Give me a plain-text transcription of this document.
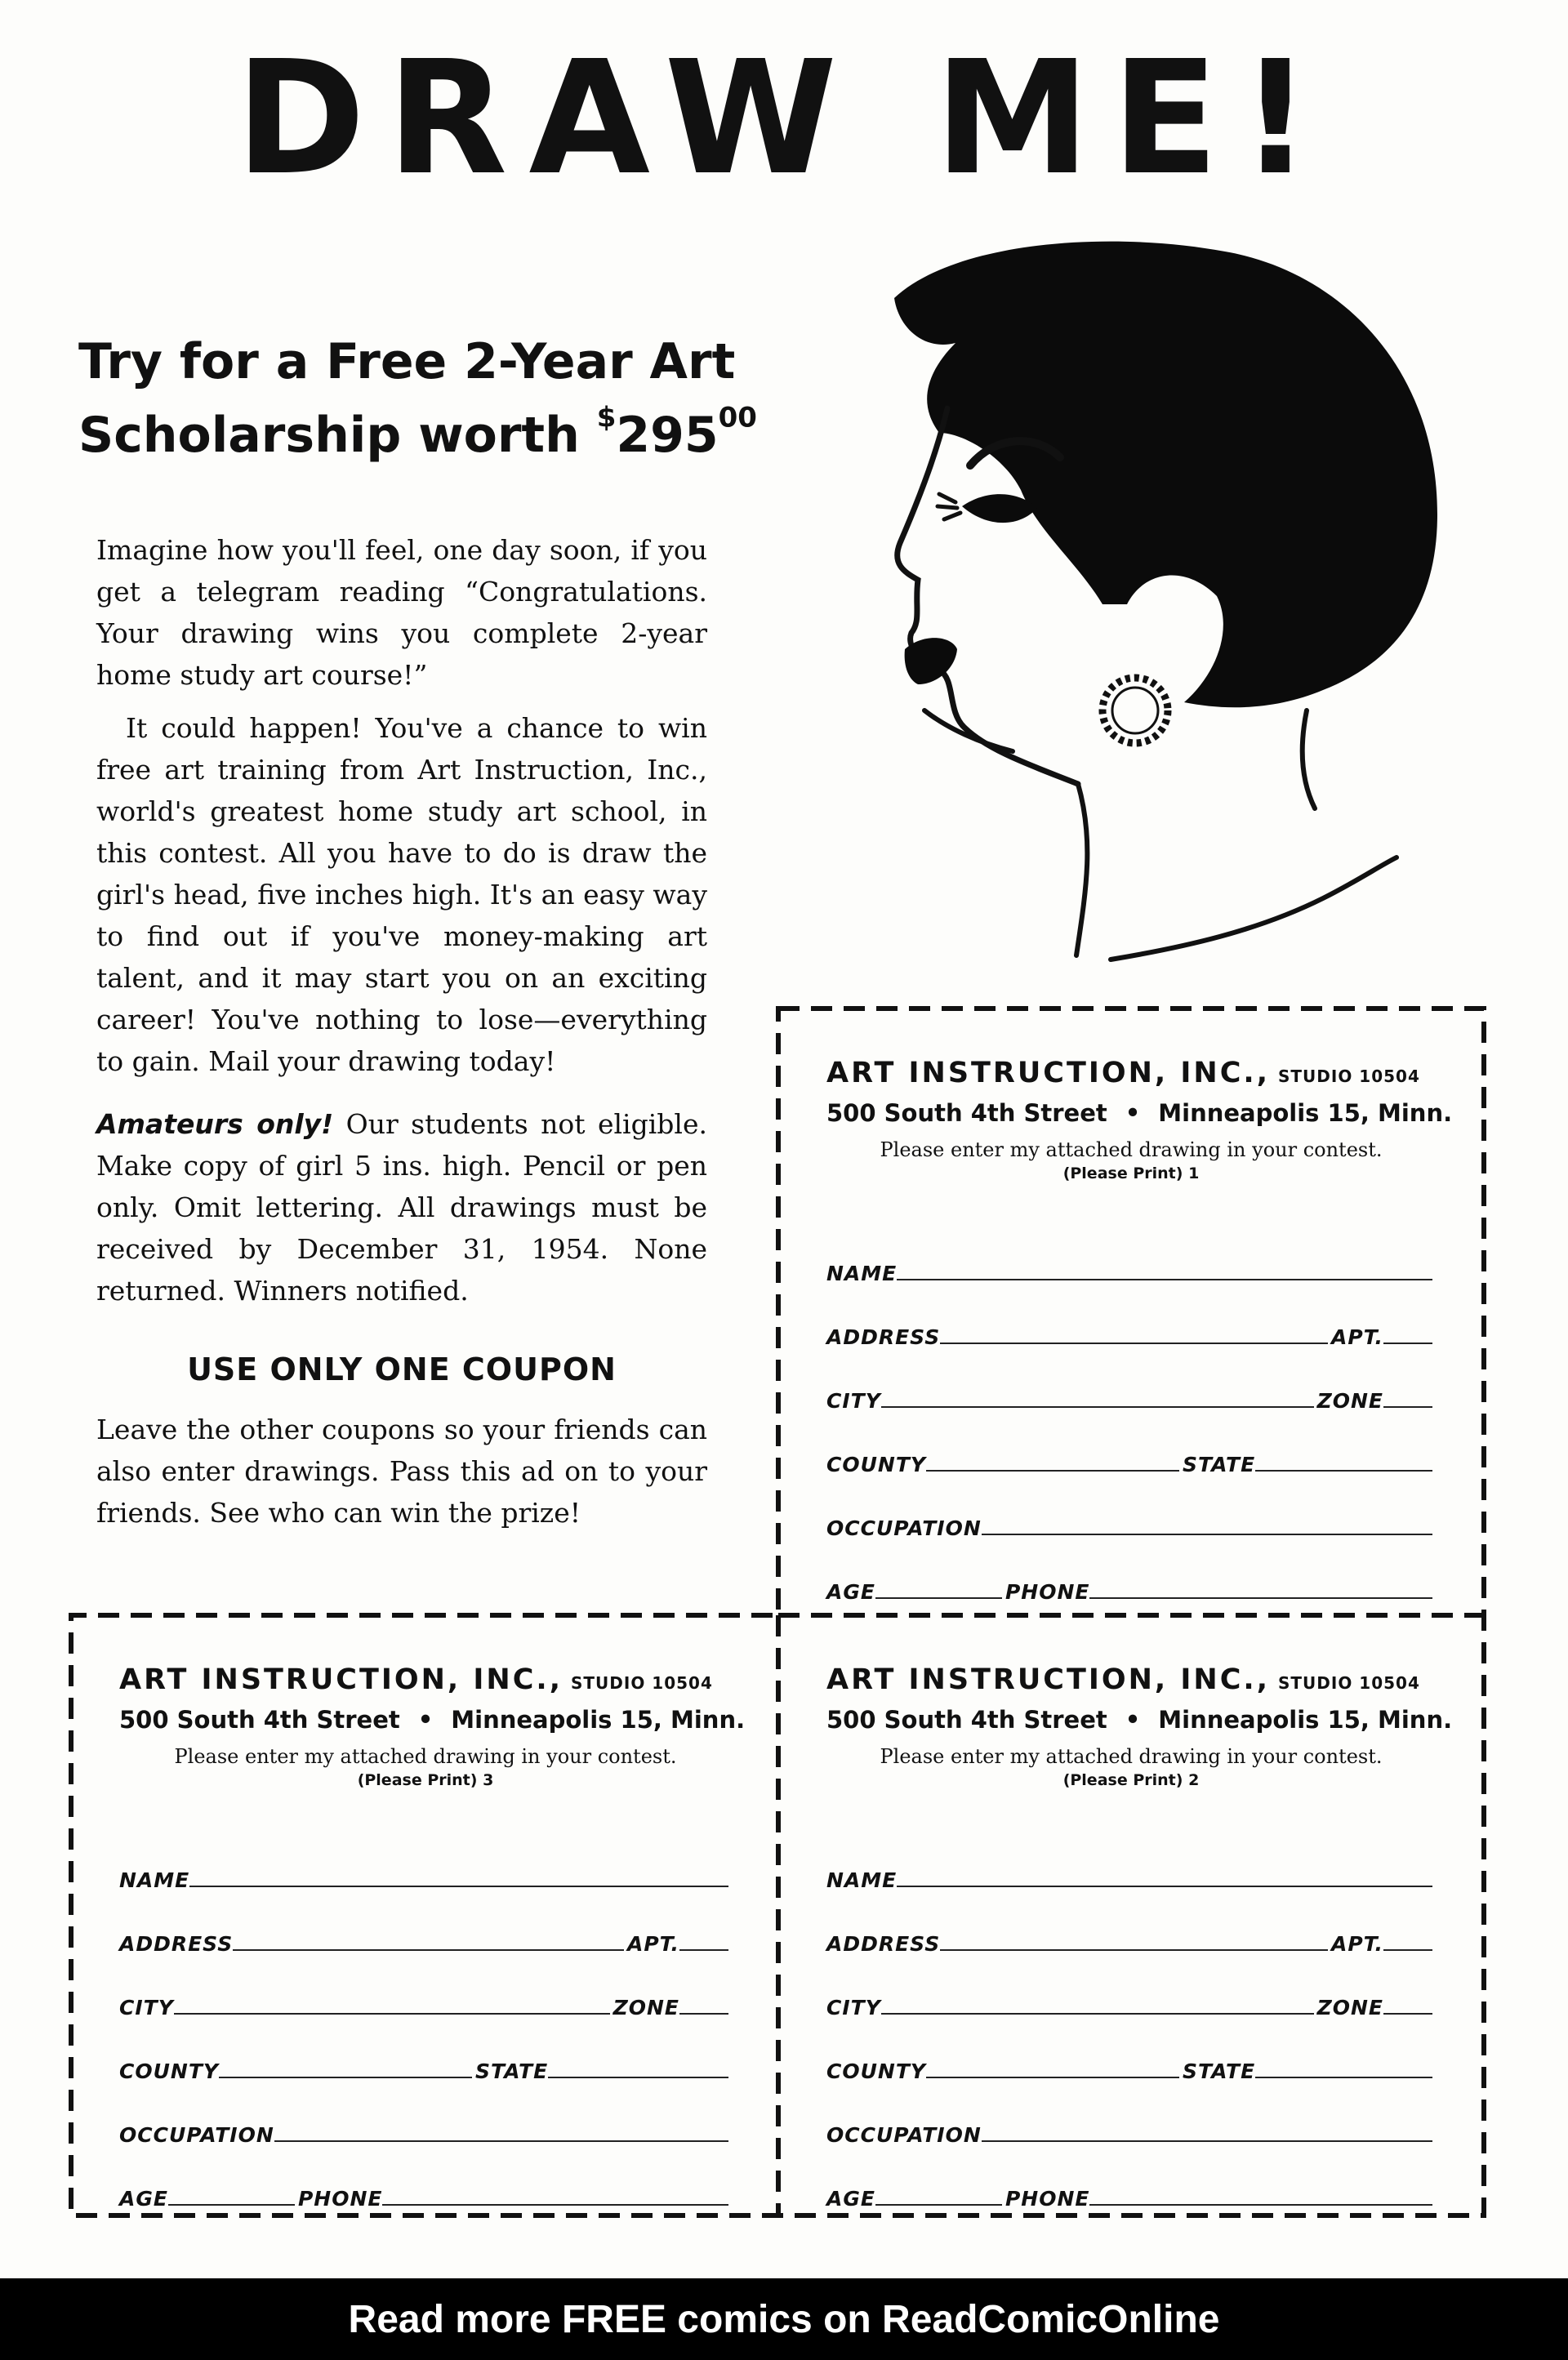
DRAW ME!
Try for a Free 2-Year Art
Scholarship worth $^{\$}295^{00}$

Imagine how you'll feel, one day soon, if you get a telegram reading “Congratulations. Your drawing wins you complete 2-year home study art course!”

It could happen! You've a chance to win free art training from Art Instruction, Inc., world's greatest home study art school, in this contest. All you have to do is draw the girl's head, five inches high. It's an easy way to find out if you've money-making art talent, and it may start you on an exciting career! You've nothing to lose—everything to gain. Mail your drawing today!

Amateurs only! Our students not eligible. Make copy of girl 5 ins. high. Pencil or pen only. Omit lettering. All drawings must be received by December 31, 1954. None returned. Winners notified.

USE ONLY ONE COUPON

Leave the other coupons so your friends can also enter drawings. Pass this ad on to your friends. See who can win the prize!

ART INSTRUCTION, INC., STUDIO 10504
500 South 4th Street • Minneapolis 15, Minn.
Please enter my attached drawing in your contest.
(Please Print) 1
NAME
ADDRESS	APT.
CITY	ZONE
COUNTY	STATE
OCCUPATION
AGE	PHONE
ART INSTRUCTION, INC., STUDIO 10504
500 South 4th Street • Minneapolis 15, Minn.
Please enter my attached drawing in your contest.
(Please Print) 3
NAME
ADDRESS	APT.
CITY	ZONE
COUNTY	STATE
OCCUPATION
AGE	PHONE
ART INSTRUCTION, INC., STUDIO 10504
500 South 4th Street • Minneapolis 15, Minn.
Please enter my attached drawing in your contest.
(Please Print) 2
NAME
ADDRESS	APT.
CITY	ZONE
COUNTY	STATE
OCCUPATION
AGE	PHONE
Read more FREE comics on ReadComicOnline
